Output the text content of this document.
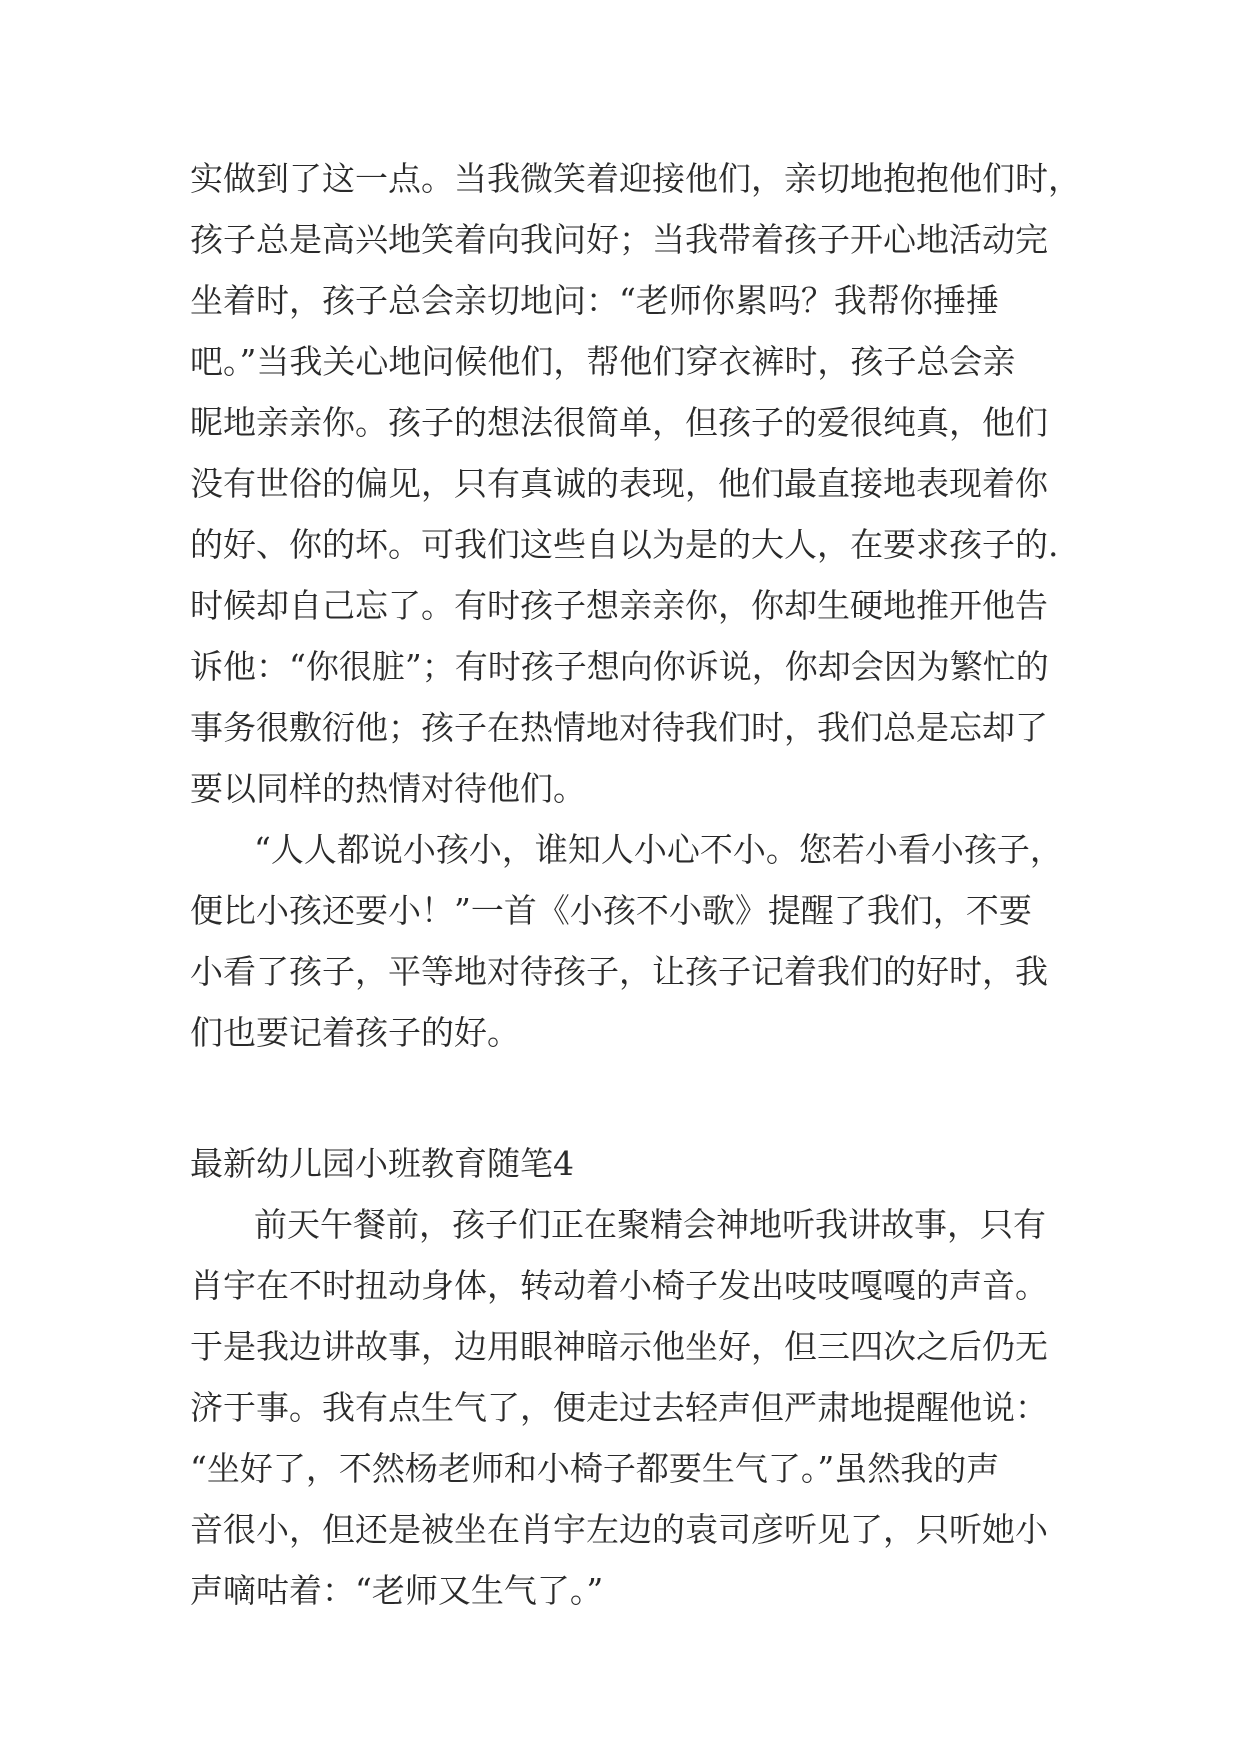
实做到了这一点。当我微笑着迎接他们，亲切地抱抱他们时，
孩子总是高兴地笑着向我问好；当我带着孩子开心地活动完
坐着时，孩子总会亲切地问：“老师你累吗？我帮你捶捶
吧。”当我关心地问候他们，帮他们穿衣裤时，孩子总会亲
昵地亲亲你。孩子的想法很简单，但孩子的爱很纯真，他们
没有世俗的偏见，只有真诚的表现，他们最直接地表现着你
的好、你的坏。可我们这些自以为是的大人，在要求孩子的.
时候却自己忘了。有时孩子想亲亲你，你却生硬地推开他告
诉他：“你很脏”；有时孩子想向你诉说，你却会因为繁忙的
事务很敷衍他；孩子在热情地对待我们时，我们总是忘却了
要以同样的热情对待他们。
“人人都说小孩小，谁知人小心不小。您若小看小孩子，
便比小孩还要小！”一首《小孩不小歌》提醒了我们，不要
小看了孩子，平等地对待孩子，让孩子记着我们的好时，我
们也要记着孩子的好。
最新幼儿园小班教育随笔4
前天午餐前，孩子们正在聚精会神地听我讲故事，只有
肖宇在不时扭动身体，转动着小椅子发出吱吱嘎嘎的声音。
于是我边讲故事，边用眼神暗示他坐好，但三四次之后仍无
济于事。我有点生气了，便走过去轻声但严肃地提醒他说：
“坐好了，不然杨老师和小椅子都要生气了。”虽然我的声
音很小，但还是被坐在肖宇左边的袁司彦听见了，只听她小
声嘀咕着：“老师又生气了。”
